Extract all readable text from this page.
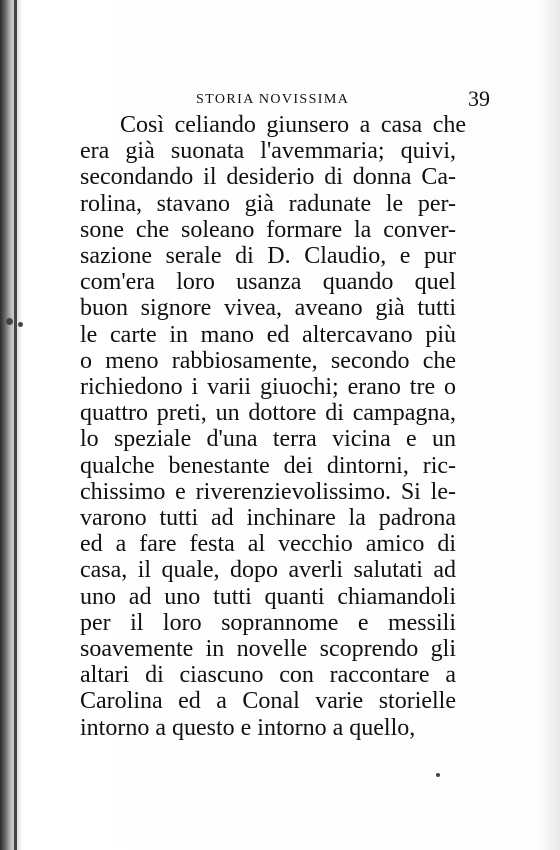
STORIA NOVISSIMA	39
Così celiando giunsero a casa che
era già suonata l'avemmaria; quivi,
secondando il desiderio di donna Ca-
rolina, stavano già radunate le per-
sone che soleano formare la conver-
sazione serale di D. Claudio, e pur
com'era loro usanza quando quel
buon signore vivea, aveano già tutti
le carte in mano ed altercavano più
o meno rabbiosamente, secondo che
richiedono i varii giuochi; erano tre o
quattro preti, un dottore di campagna,
lo speziale d'una terra vicina e un
qualche benestante dei dintorni, ric-
chissimo e riverenzievolissimo. Si le-
varono tutti ad inchinare la padrona
ed a fare festa al vecchio amico di
casa, il quale, dopo averli salutati ad
uno ad uno tutti quanti chiamandoli
per il loro soprannome e messili
soavemente in novelle scoprendo gli
altari di ciascuno con raccontare a
Carolina ed a Conal varie storielle
intorno a questo e intorno a quello,
